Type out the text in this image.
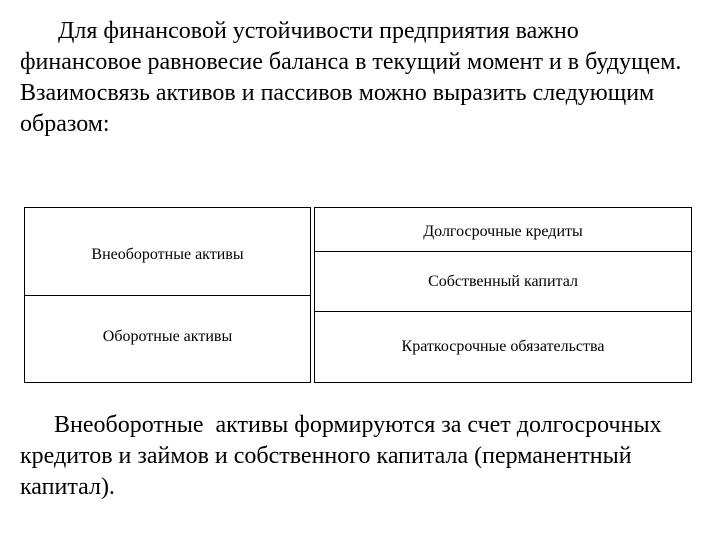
Для финансовой устойчивости предприятия важно финансовое равновесие баланса в текущий момент и в будущем. Взаимосвязь активов и пассивов можно выразить следующим образом:

Внеоборотные активы
Оборотные активы
Долгосрочные кредиты
Собственный капитал
Краткосрочные обязательства

Внеоборотные  активы формируются за счет долгосрочных кредитов и займов и собственного капитала (перманентный капитал).
